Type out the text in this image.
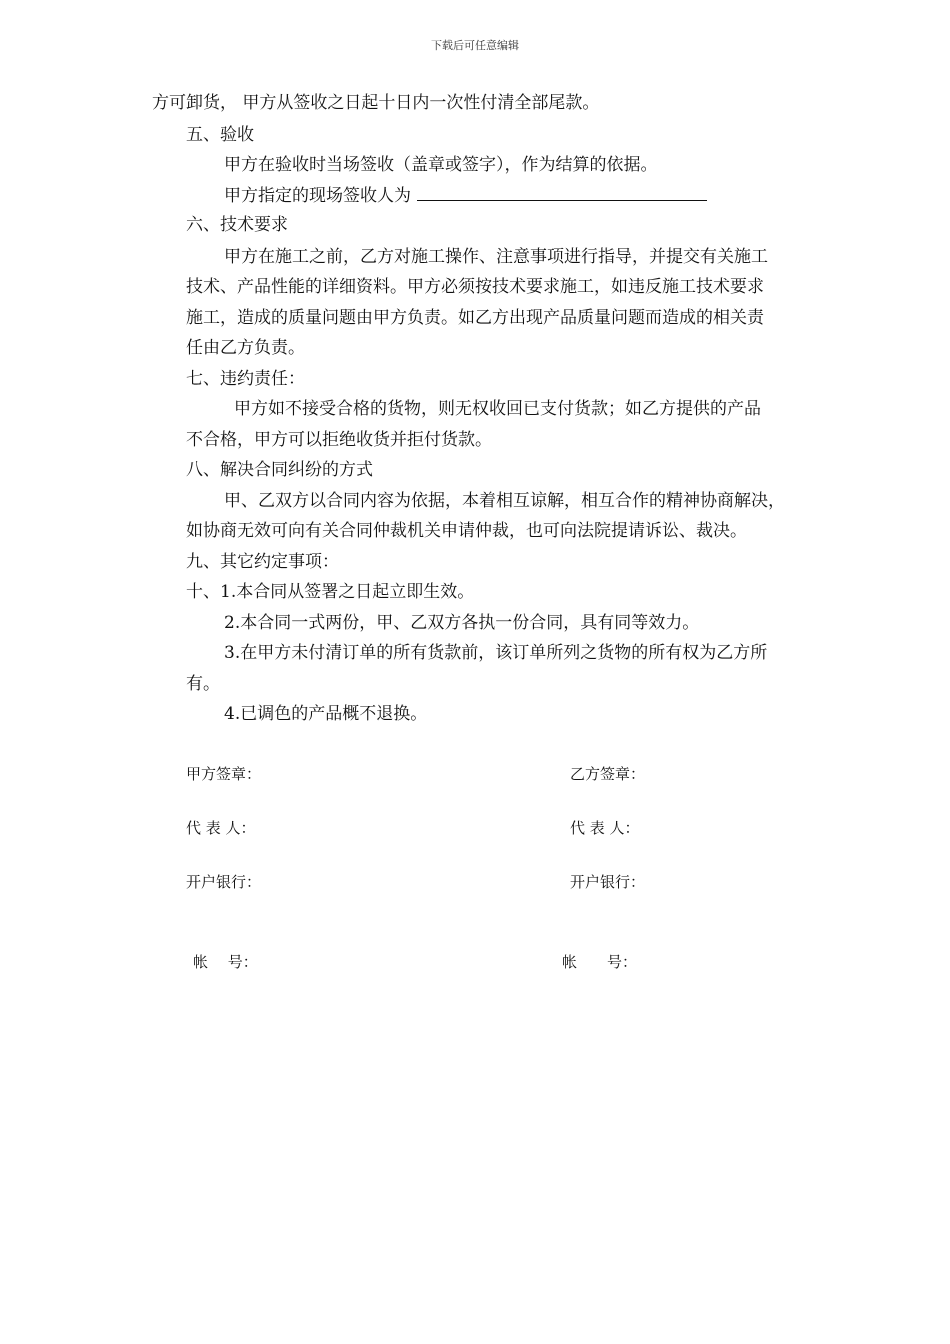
下载后可任意编辑
方可卸货， 甲方从签收之日起十日内一次性付清全部尾款。
五、验收
甲方在验收时当场签收（盖章或签字），作为结算的依据。
甲方指定的现场签收人为
六、技术要求
甲方在施工之前，乙方对施工操作、注意事项进行指导，并提交有关施工
技术、产品性能的详细资料。甲方必须按技术要求施工，如违反施工技术要求
施工，造成的质量问题由甲方负责。如乙方出现产品质量问题而造成的相关责
任由乙方负责。
七、违约责任：
甲方如不接受合格的货物，则无权收回已支付货款；如乙方提供的产品
不合格，甲方可以拒绝收货并拒付货款。
八、解决合同纠纷的方式
甲、乙双方以合同内容为依据，本着相互谅解，相互合作的精神协商解决，
如协商无效可向有关合同仲裁机关申请仲裁，也可向法院提请诉讼、裁决。
九、其它约定事项：
十、1.本合同从签署之日起立即生效。
2.本合同一式两份，甲、乙双方各执一份合同，具有同等效力。
3.在甲方未付清订单的所有货款前，该订单所列之货物的所有权为乙方所
有。
4.已调色的产品概不退换。
甲方签章：
代 表 人：
开户银行：
帐　 号：
乙方签章：
代 表 人：
开户银行：
帐　　号：
